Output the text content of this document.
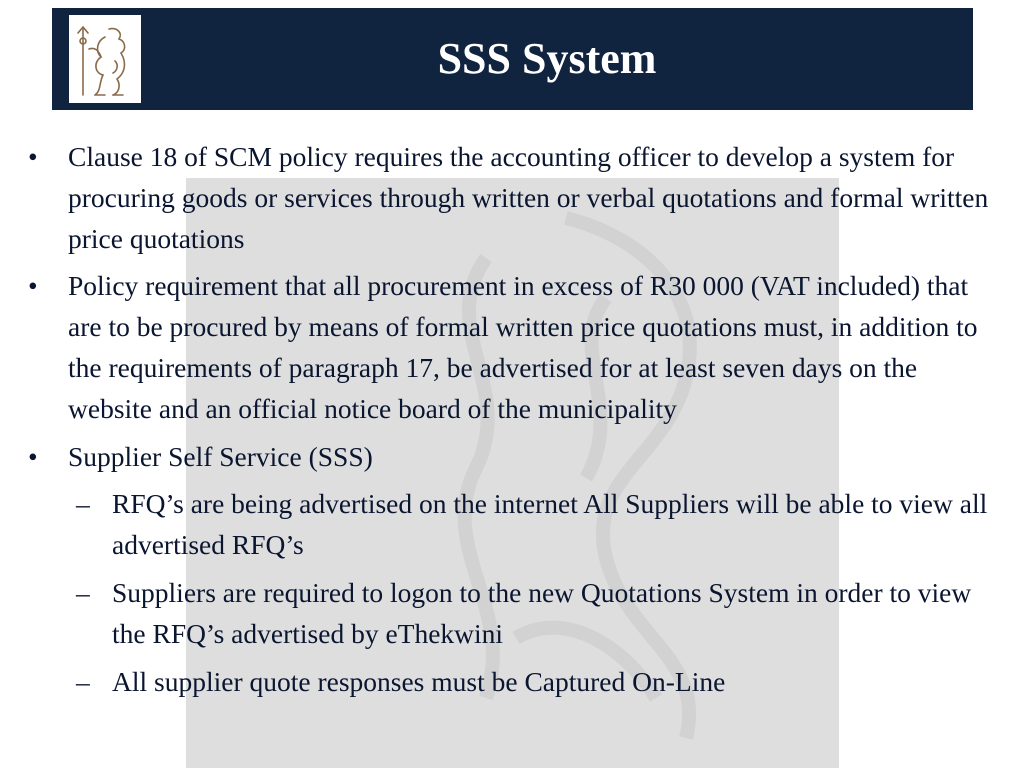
SSS System
• Clause 18 of SCM policy requires the accounting officer to develop a system for procuring goods or services through written or verbal quotations and formal written price quotations
• Policy requirement that all procurement in excess of R30 000 (VAT included) that are to be procured by means of formal written price quotations must, in addition to the requirements of paragraph 17, be advertised for at least seven days on the website and an official notice board of the municipality
• Supplier Self Service (SSS)
– RFQ’s are being advertised on the internet All Suppliers will be able to view all advertised RFQ’s
– Suppliers are required to logon to the new Quotations System in order to view the RFQ’s advertised by eThekwini
– All supplier quote responses must be Captured On-Line
